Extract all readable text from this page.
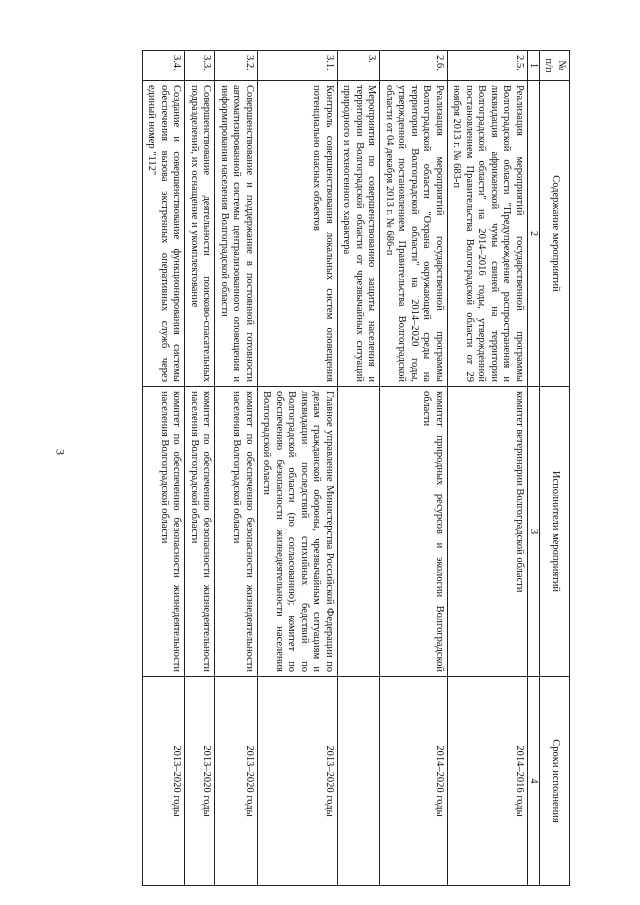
3
№ п/п	Содержание мероприятий	Исполнители мероприятий	Сроки исполнения
1	2	3	4
2.5.	Реализация мероприятий государственной программы Волгоградской области "Предупреждение распространения и ликвидация африканской чумы свиней на территории Волгоградской области" на 2014–2016 годы, утвержденной постановлением Правительства Волгоградской области от 29 ноября 2013 г. № 683-п	комитет ветеринарии Волгоградской области	2014–2016 годы
2.6.	Реализация мероприятий государственной программы Волгоградской области "Охрана окружающей среды на территории Волгоградской области" на 2014–2020 годы, утвержденной постановлением Правительства Волгоградской области от 04 декабря 2013 г. № 686-п	комитет природных ресурсов и экологии Волгоградской области	2014–2020 годы
3.	Мероприятия по совершенствованию защиты населения и территории Волгоградской области от чрезвычайных ситуаций природного и техногенного характера		
3.1.	Контроль совершенствования локальных систем оповещения потенциально опасных объектов	Главное управление Министерства Российской Федерации по делам гражданской обороны, чрезвычайным ситуациям и ликвидации последствий стихийных бедствий по Волгоградской области (по согласованию); комитет по обеспечению безопасности жизнедеятельности населения Волгоградской области	2013–2020 годы
3.2.	Совершенствование и поддержание в постоянной готовности автоматизированной системы централизованного оповещения и информирования населения Волгоградской области	комитет по обеспечению безопасности жизнедеятельности населения Волгоградской области	2013–2020 годы
3.3.	Совершенствование деятельности поисково-спасательных подразделений, их оснащение и укомплектование	комитет по обеспечению безопасности жизнедеятельности населения Волгоградской области	2013–2020 годы
3.4.	Создание и совершенствование функционирования системы обеспечения вызова экстренных оперативных служб через единый номер "112"	комитет по обеспечению безопасности жизнедеятельности населения Волгоградской области	2013–2020 годы
